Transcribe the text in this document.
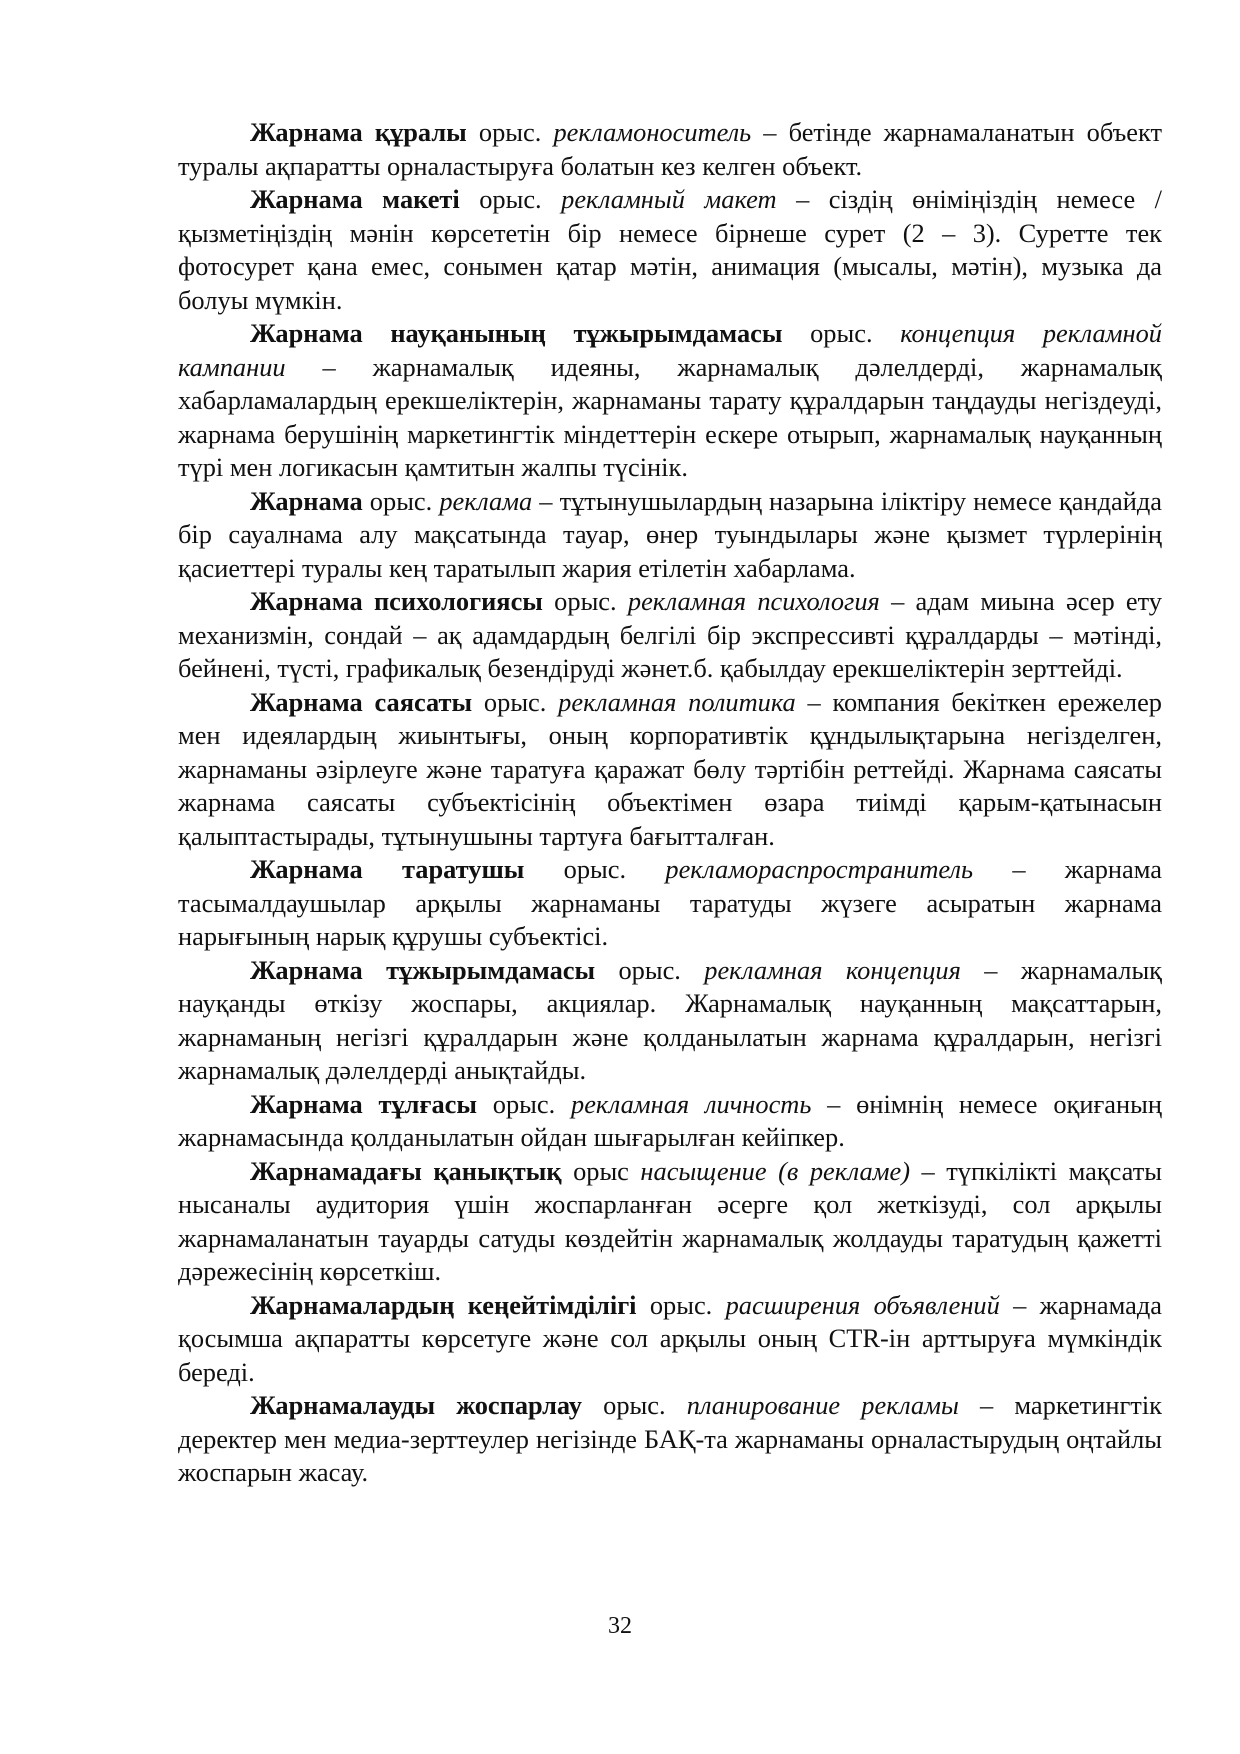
Жарнама құралы орыс. рекламоноситель – бетінде жарнамаланатын объект туралы ақпаратты орналастыруға болатын кез келген объект.

Жарнама макеті орыс. рекламный макет – сіздің өніміңіздің немесе /қызметіңіздің мәнін көрсететін бір немесе бірнеше сурет (2 – 3). Суретте тек фотосурет қана емес, сонымен қатар мәтін, анимация (мысалы, мәтін), музыка да болуы мүмкін.

Жарнама науқанының тұжырымдамасы орыс. концепция рекламной кампании – жарнамалық идеяны, жарнамалық дәлелдерді, жарнамалық хабарламалардың ерекшеліктерін, жарнаманы тарату құралдарын таңдауды негіздеуді, жарнама берушінің маркетингтік міндеттерін ескере отырып, жарнамалық науқанның түрі мен логикасын қамтитын жалпы түсінік.

Жарнама орыс. реклама – тұтынушылардың назарына іліктіру немесе қандайда бір сауалнама алу мақсатында тауар, өнер туындылары және қызмет түрлерінің қасиеттері туралы кең таратылып жария етілетін хабарлама.

Жарнама психологиясы орыс. рекламная психология – адам миына әсер ету механизмін, сондай – ақ адамдардың белгілі бір экспрессивті құралдарды – мәтінді, бейнені, түсті, графикалық безендіруді жәнет.б. қабылдау ерекшеліктерін зерттейді.

Жарнама саясаты орыс. рекламная политика – компания бекіткен ережелер мен идеялардың жиынтығы, оның корпоративтік құндылықтарына негізделген, жарнаманы әзірлеуге және таратуға қаражат бөлу тәртібін реттейді. Жарнама саясаты жарнама саясаты субъектісінің объектімен өзара тиімді қарым-қатынасын қалыптастырады, тұтынушыны тартуға бағытталған.

Жарнама таратушы орыс. рекламораспространитель – жарнама тасымалдаушылар арқылы жарнаманы таратуды жүзеге асыратын жарнама нарығының нарық құрушы субъектісі.

Жарнама тұжырымдамасы орыс. рекламная концепция – жарнамалық науқанды өткізу жоспары, акциялар. Жарнамалық науқанның мақсаттарын, жарнаманың негізгі құралдарын және қолданылатын жарнама құралдарын, негізгі жарнамалық дәлелдерді анықтайды.

Жарнама тұлғасы орыс. рекламная личность – өнімнің немесе оқиғаның жарнамасында қолданылатын ойдан шығарылған кейіпкер.

Жарнамадағы қанықтық орыс насыщение (в рекламе) – түпкілікті мақсаты нысаналы аудитория үшін жоспарланған әсерге қол жеткізуді, сол арқылы жарнамаланатын тауарды сатуды көздейтін жарнамалық жолдауды таратудың қажетті дәрежесінің көрсеткіш.

Жарнамалардың кеңейтімділігі орыс. расширения объявлений – жарнамада қосымша ақпаратты көрсетуге және сол арқылы оның CTR-ін арттыруға мүмкіндік береді.

Жарнамалауды жоспарлау орыс. планирование рекламы – маркетингтік деректер мен медиа-зерттеулер негізінде БАҚ-та жарнаманы орналастырудың оңтайлы жоспарын жасау.

32
